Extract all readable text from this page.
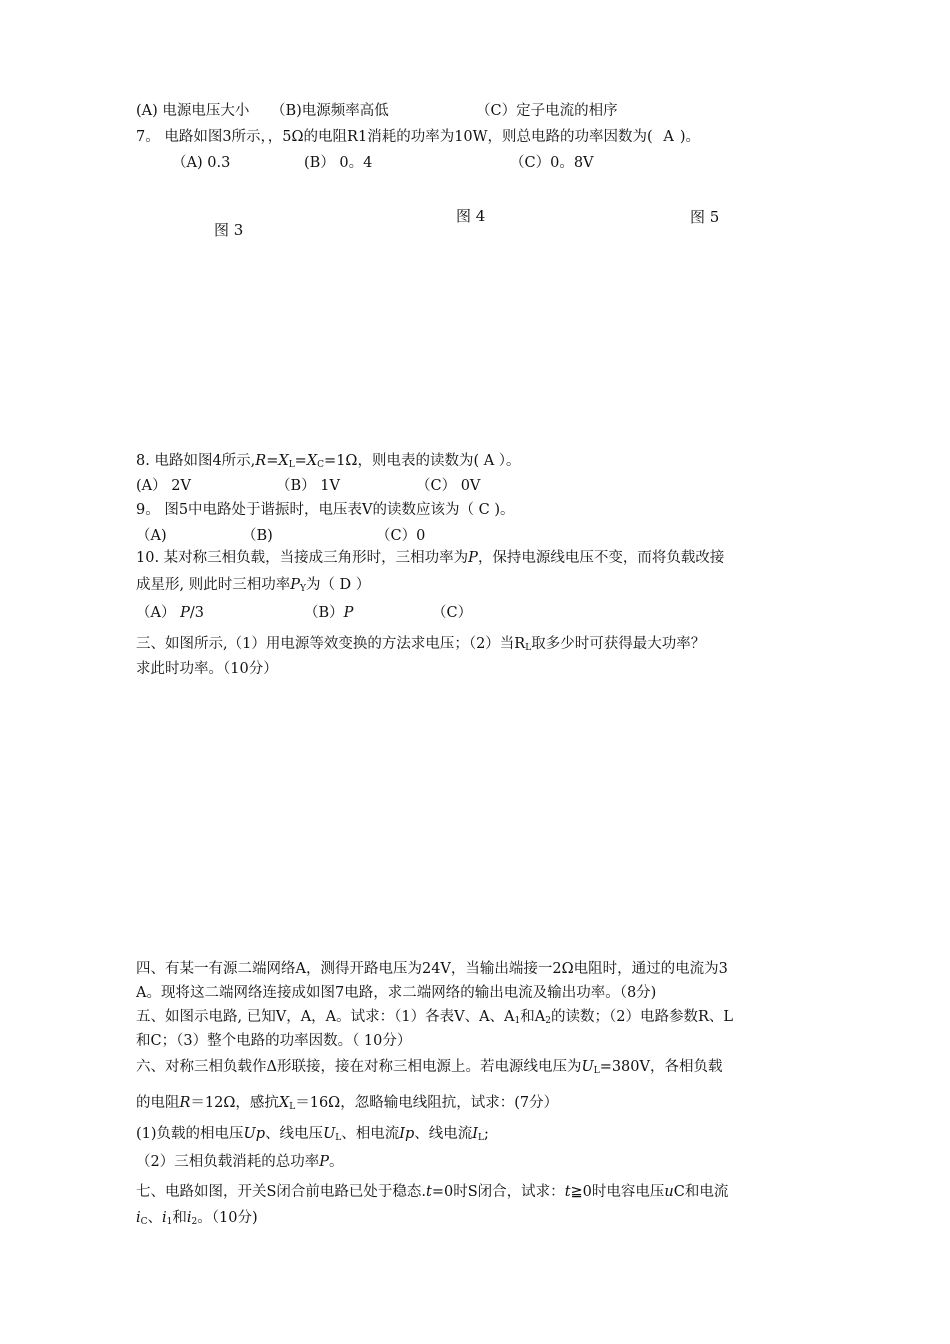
(A) 电源电压大小 （B)电源频率高低	（C）定子电流的相序
7。 电路如图3所示，，5Ω的电阻R1消耗的功率为10W，则总电路的功率因数为( A )。
（A) 0.3	(B） 0。4	（C）0。8V
图 4	图 5
图 3
8. 电路如图4所示$,R=X_L=X_C=1\Omega$，则电表的读数为( A ）。
(A） 2V	（B） 1V	（C） 0V
9。 图5中电路处于谐振时，电压表V的读数应该为（ C )。
（A)	（B)	（C）0
10. 某对称三相负载，当接成三角形时，三相功率为P，保持电源线电压不变，而将负载改接
成星形, 则此时三相功率$P_Y$为（ D ）
（A） P/3	（B）P	（C）
三、如图所示,（1）用电源等效变换的方法求电压；（2）当$R_L$取多少时可获得最大功率？
求此时功率。（10分）
四、有某一有源二端网络A，测得开路电压为24V，当输出端接一2Ω电阻时，通过的电流为3
A。现将这二端网络连接成如图7电路，求二端网络的输出电流及输出功率。（8分)
五、如图示电路, 已知V，A，A。试求：（1）各表V、A、$A_1$和$A_2$的读数；（2）电路参数R、L
和C；（3）整个电路的功率因数。（ 10分）
六、对称三相负载作Δ形联接，接在对称三相电源上。若电源线电压为$U_L=380V$，各相负载
的电阻R＝12Ω，感抗$X_L=16\Omega$，忽略输电线阻抗，试求：(7分）
(1)负载的相电压Up、线电压$U_L$、相电流Ip、线电流$I_L$;
（2）三相负载消耗的总功率P。
七、电路如图，开关S闭合前电路已处于稳态.t=0时S闭合，试求：t≧0时电容电压uC和电流
$i_C$、$i_1$和$i_2$。（10分)
